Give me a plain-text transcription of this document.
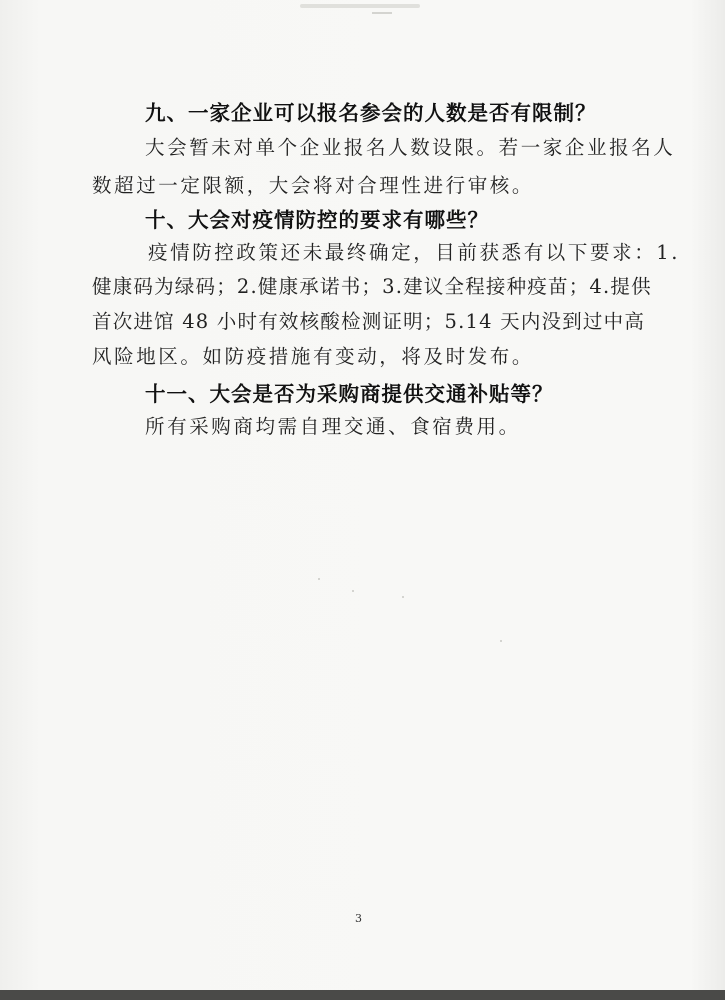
九、一家企业可以报名参会的人数是否有限制？
大会暂未对单个企业报名人数设限。若一家企业报名人
数超过一定限额，大会将对合理性进行审核。
十、大会对疫情防控的要求有哪些？
疫情防控政策还未最终确定，目前获悉有以下要求：1.
健康码为绿码；2.健康承诺书；3.建议全程接种疫苗；4.提供
首次进馆 48 小时有效核酸检测证明；5.14 天内没到过中高
风险地区。如防疫措施有变动，将及时发布。
十一、大会是否为采购商提供交通补贴等？
所有采购商均需自理交通、食宿费用。
3
